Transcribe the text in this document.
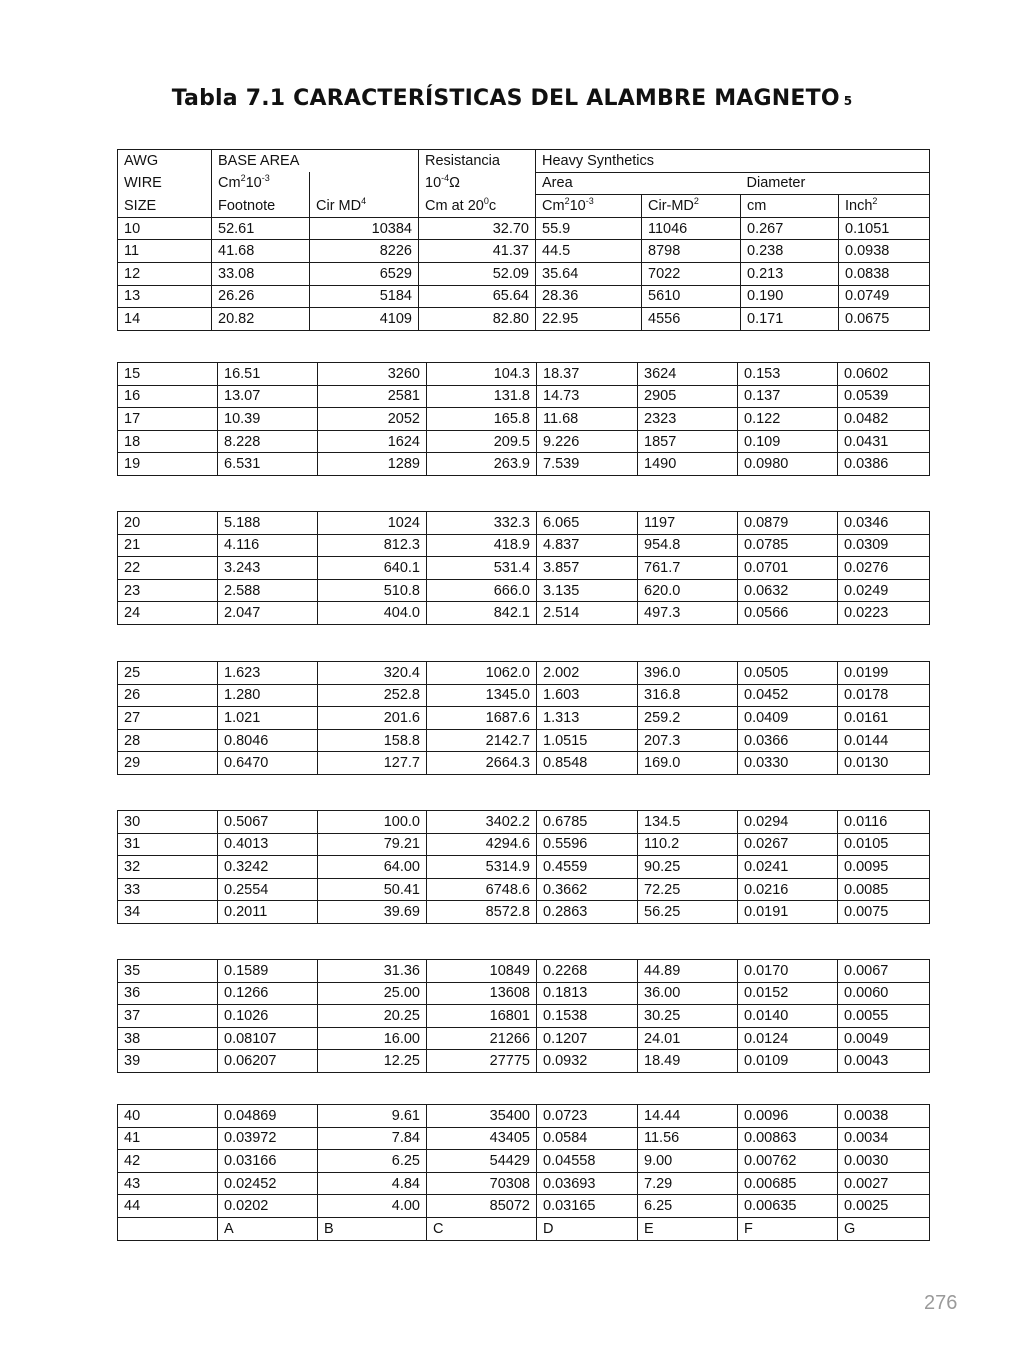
Tabla 7.1 CARACTERÍSTICAS DEL ALAMBRE MAGNETO 5
AWG	BASE AREA		Resistancia	Heavy Synthetics			
WIRE	$Cm^210^{-3}$		$10^{-4}\Omega$	Area		Diameter	
SIZE	Footnote	Cir $MD^4$	Cm at $20^0c$	$Cm^210^{-3}$	Cir-$MD^2$	cm	Inch$^2$
10	52.61	10384	32.70	55.9	11046	0.267	0.1051
11	41.68	8226	41.37	44.5	8798	0.238	0.0938
12	33.08	6529	52.09	35.64	7022	0.213	0.0838
13	26.26	5184	65.64	28.36	5610	0.190	0.0749
14	20.82	4109	82.80	22.95	4556	0.171	0.0675
15	16.51	3260	104.3	18.37	3624	0.153	0.0602
16	13.07	2581	131.8	14.73	2905	0.137	0.0539
17	10.39	2052	165.8	11.68	2323	0.122	0.0482
18	8.228	1624	209.5	9.226	1857	0.109	0.0431
19	6.531	1289	263.9	7.539	1490	0.0980	0.0386
20	5.188	1024	332.3	6.065	1197	0.0879	0.0346
21	4.116	812.3	418.9	4.837	954.8	0.0785	0.0309
22	3.243	640.1	531.4	3.857	761.7	0.0701	0.0276
23	2.588	510.8	666.0	3.135	620.0	0.0632	0.0249
24	2.047	404.0	842.1	2.514	497.3	0.0566	0.0223
25	1.623	320.4	1062.0	2.002	396.0	0.0505	0.0199
26	1.280	252.8	1345.0	1.603	316.8	0.0452	0.0178
27	1.021	201.6	1687.6	1.313	259.2	0.0409	0.0161
28	0.8046	158.8	2142.7	1.0515	207.3	0.0366	0.0144
29	0.6470	127.7	2664.3	0.8548	169.0	0.0330	0.0130
30	0.5067	100.0	3402.2	0.6785	134.5	0.0294	0.0116
31	0.4013	79.21	4294.6	0.5596	110.2	0.0267	0.0105
32	0.3242	64.00	5314.9	0.4559	90.25	0.0241	0.0095
33	0.2554	50.41	6748.6	0.3662	72.25	0.0216	0.0085
34	0.2011	39.69	8572.8	0.2863	56.25	0.0191	0.0075
35	0.1589	31.36	10849	0.2268	44.89	0.0170	0.0067
36	0.1266	25.00	13608	0.1813	36.00	0.0152	0.0060
37	0.1026	20.25	16801	0.1538	30.25	0.0140	0.0055
38	0.08107	16.00	21266	0.1207	24.01	0.0124	0.0049
39	0.06207	12.25	27775	0.0932	18.49	0.0109	0.0043
40	0.04869	9.61	35400	0.0723	14.44	0.0096	0.0038
41	0.03972	7.84	43405	0.0584	11.56	0.00863	0.0034
42	0.03166	6.25	54429	0.04558	9.00	0.00762	0.0030
43	0.02452	4.84	70308	0.03693	7.29	0.00685	0.0027
44	0.0202	4.00	85072	0.03165	6.25	0.00635	0.0025
	A	B	C	D	E	F	G
276
